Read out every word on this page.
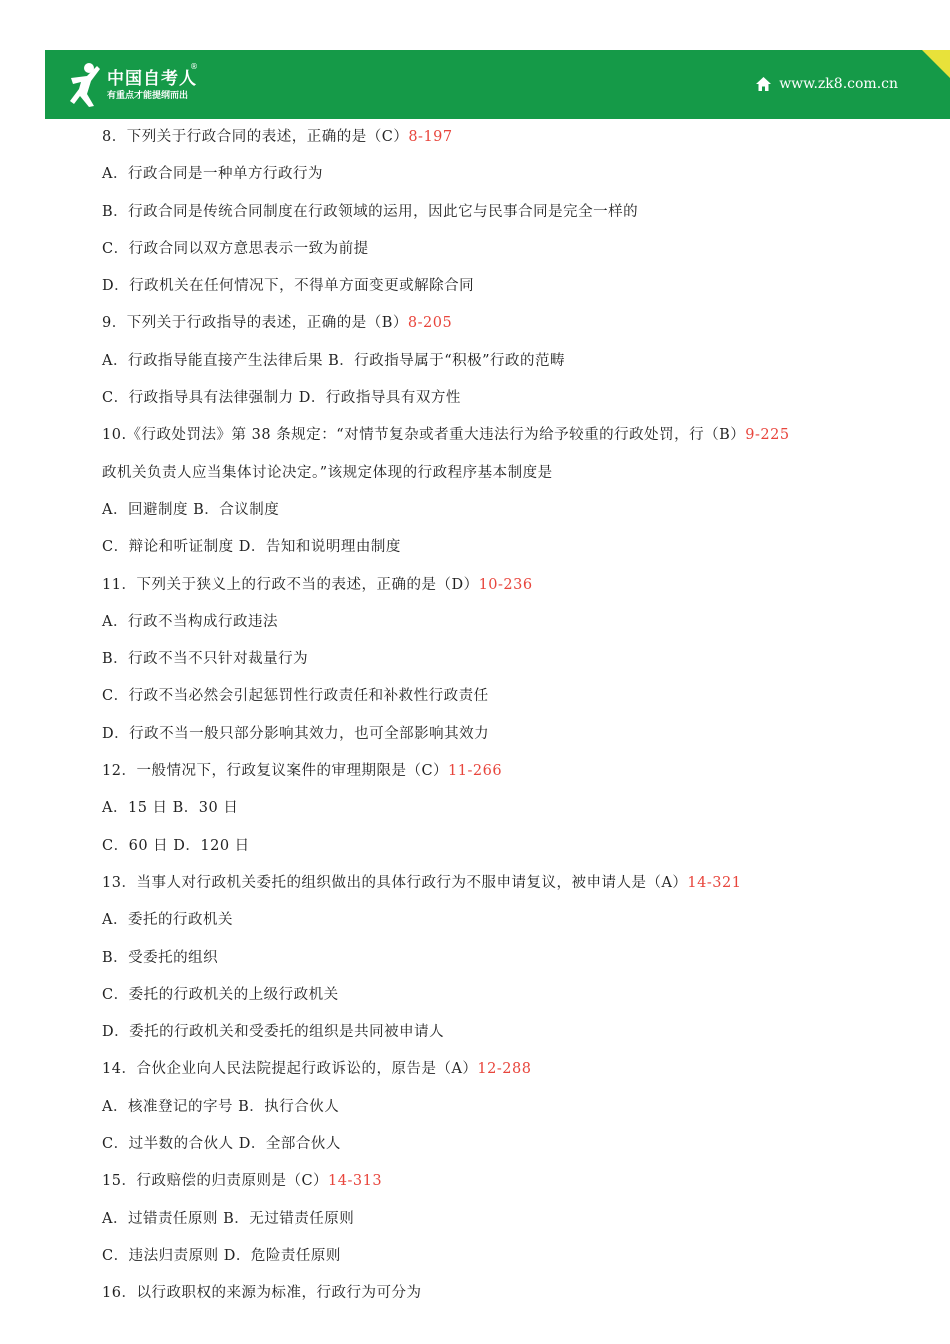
中国自考人
®
有重点才能提纲而出
www.zk8.com.cn
8．下列关于行政合同的表述，正确的是（C）8-197
A．行政合同是一种单方行政行为
B．行政合同是传统合同制度在行政领域的运用，因此它与民事合同是完全一样的
C．行政合同以双方意思表示一致为前提
D．行政机关在任何情况下，不得单方面变更或解除合同
9．下列关于行政指导的表述，正确的是（B）8-205
A．行政指导能直接产生法律后果 B．行政指导属于“积极”行政的范畴
C．行政指导具有法律强制力 D．行政指导具有双方性
10.《行政处罚法》第 38 条规定：“对情节复杂或者重大违法行为给予较重的行政处罚，行（B）9-225
政机关负责人应当集体讨论决定。”该规定体现的行政程序基本制度是
A．回避制度 B．合议制度
C．辩论和听证制度 D．告知和说明理由制度
11．下列关于狭义上的行政不当的表述，正确的是（D）10-236
A．行政不当构成行政违法
B．行政不当不只针对裁量行为
C．行政不当必然会引起惩罚性行政责任和补救性行政责任
D．行政不当一般只部分影响其效力，也可全部影响其效力
12．一般情况下，行政复议案件的审理期限是（C）11-266
A．15 日 B．30 日
C．60 日 D．120 日
13．当事人对行政机关委托的组织做出的具体行政行为不服申请复议，被申请人是（A）14-321
A．委托的行政机关
B．受委托的组织
C．委托的行政机关的上级行政机关
D．委托的行政机关和受委托的组织是共同被申请人
14．合伙企业向人民法院提起行政诉讼的，原告是（A）12-288
A．核准登记的字号 B．执行合伙人
C．过半数的合伙人 D．全部合伙人
15．行政赔偿的归责原则是（C）14-313
A．过错责任原则 B．无过错责任原则
C．违法归责原则 D．危险责任原则
16．以行政职权的来源为标准，行政行为可分为
